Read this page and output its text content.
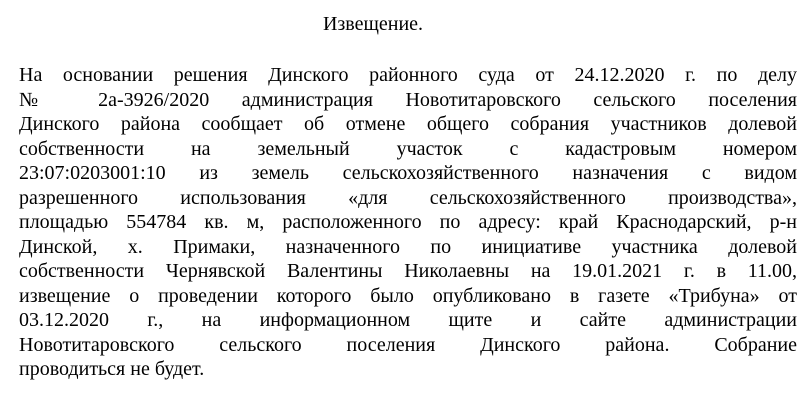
Извещение.
На основании решения Динского районного суда от 24.12.2020 г. по делу
№ 2а-3926/2020 администрация Новотитаровского сельского поселения
Динского района сообщает об отмене общего собрания участников долевой
собственности на земельный участок с кадастровым номером
23:07:0203001:10 из земель сельскохозяйственного назначения с видом
разрешенного использования «для сельскохозяйственного производства»,
площадью 554784 кв. м, расположенного по адресу: край Краснодарский, р-н
Динской, х. Примаки, назначенного по инициативе участника долевой
собственности Чернявской Валентины Николаевны на 19.01.2021 г. в 11.00,
извещение о проведении которого было опубликовано в газете «Трибуна» от
03.12.2020 г., на информационном щите и сайте администрации
Новотитаровского сельского поселения Динского района. Собрание
проводиться не будет.
